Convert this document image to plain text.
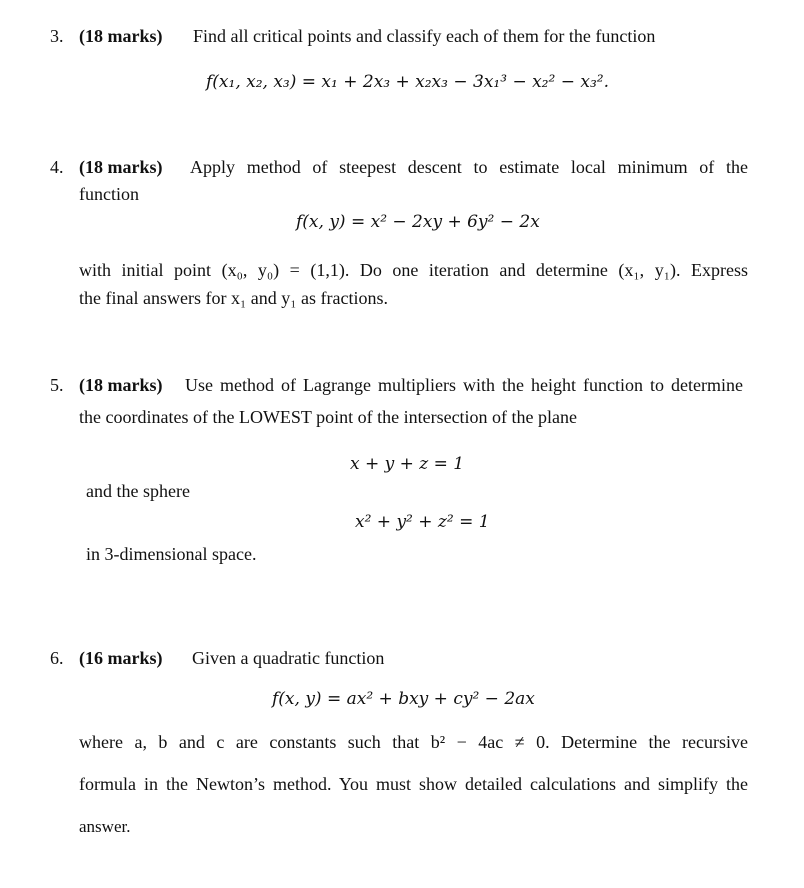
3. (18 marks) Find all critical points and classify each of them for the function
f(x₁, x₂, x₃) = x₁ + 2x₃ + x₂x₃ − 3x₁³ − x₂² − x₃².
4. (18 marks) Apply method of steepest descent to estimate local minimum of the
function
f(x, y) = x² − 2xy + 6y² − 2x
with initial point (x₀, y₀) = (1,1). Do one iteration and determine (x₁, y₁). Express
the final answers for x₁ and y₁ as fractions.
5. (18 marks) Use method of Lagrange multipliers with the height function to determine
the coordinates of the LOWEST point of the intersection of the plane
x + y + z = 1
and the sphere
x² + y² + z² = 1
in 3-dimensional space.
6. (16 marks) Given a quadratic function
f(x, y) = ax² + bxy + cy² − 2ax
where a, b and c are constants such that b² − 4ac ≠ 0. Determine the recursive
formula in the Newton’s method. You must show detailed calculations and simplify the
answer.
